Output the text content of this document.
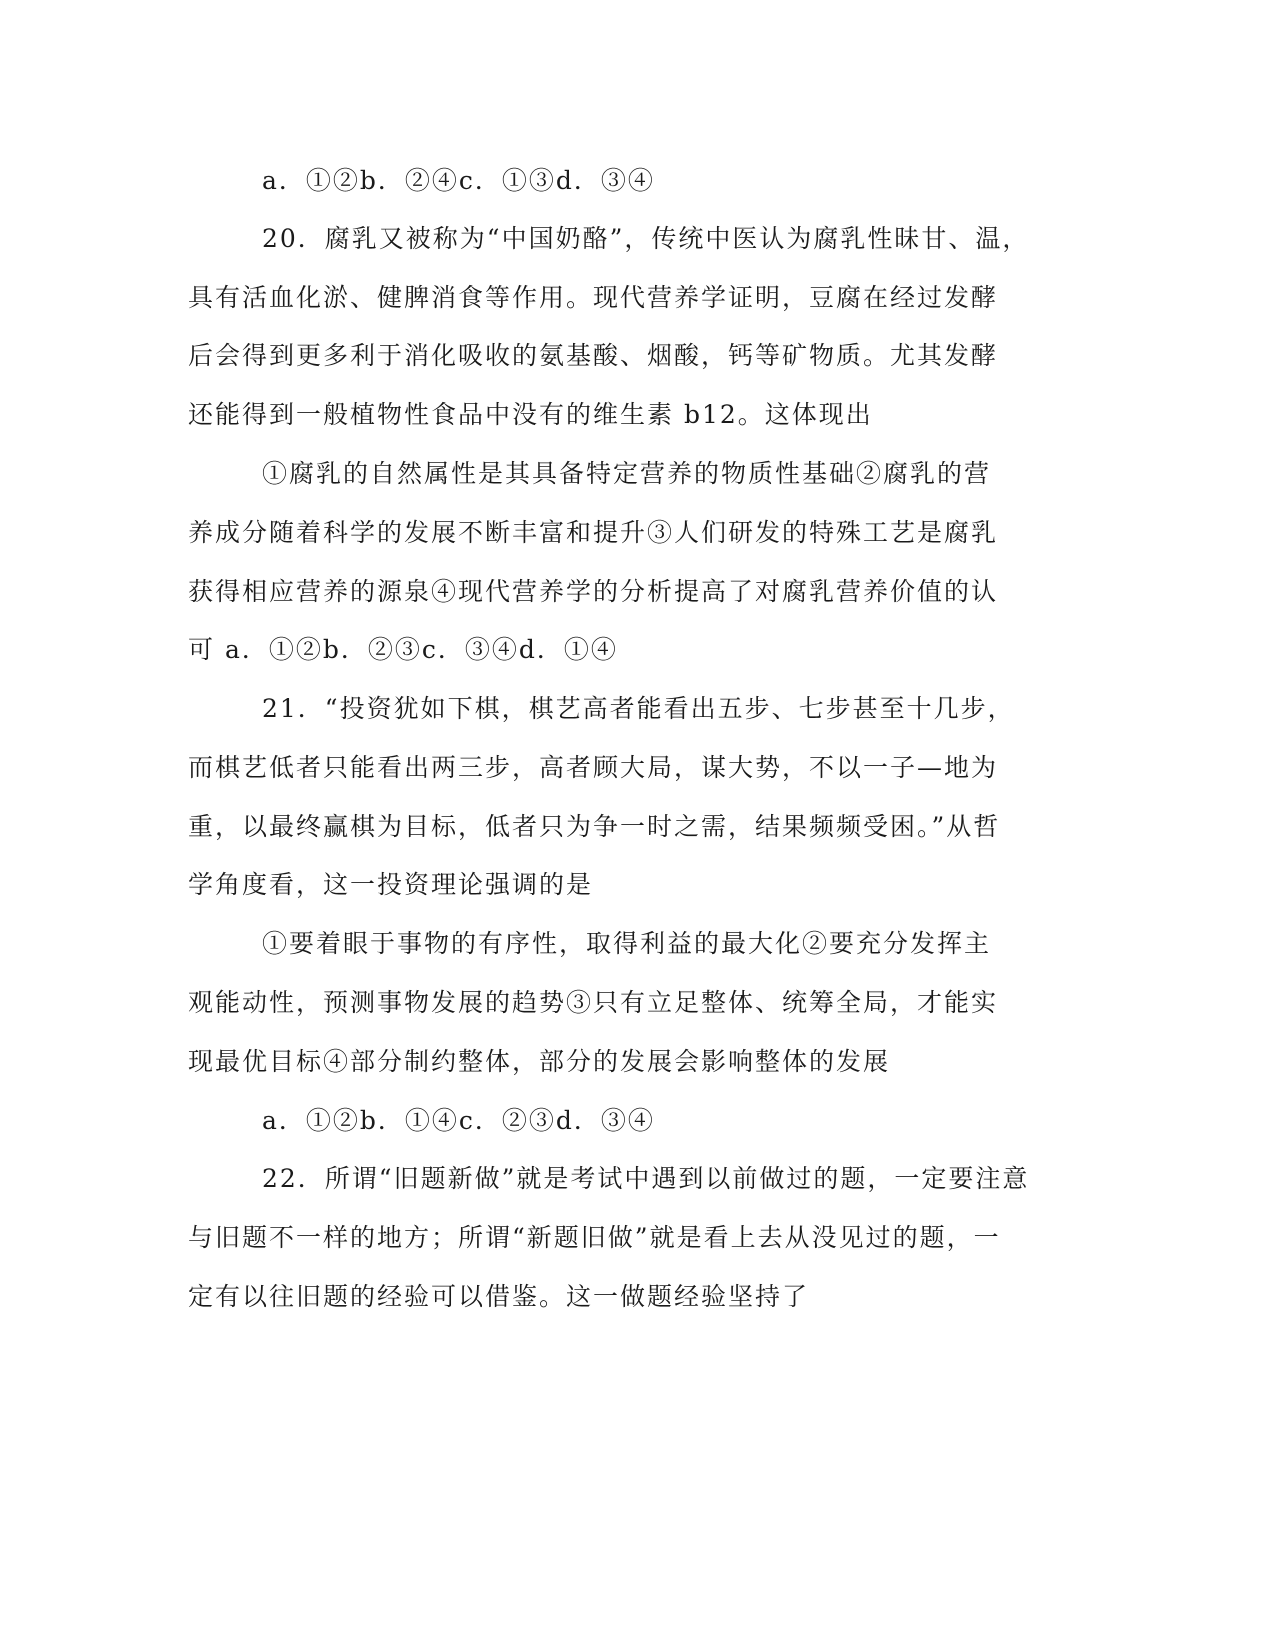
a．①②b．②④c．①③d．③④
20．腐乳又被称为“中国奶酪”，传统中医认为腐乳性昧甘、温，
具有活血化淤、健脾消食等作用。现代营养学证明，豆腐在经过发酵
后会得到更多利于消化吸收的氨基酸、烟酸，钙等矿物质。尤其发酵
还能得到一般植物性食品中没有的维生素 b12。这体现出
①腐乳的自然属性是其具备特定营养的物质性基础②腐乳的营
养成分随着科学的发展不断丰富和提升③人们研发的特殊工艺是腐乳
获得相应营养的源泉④现代营养学的分析提高了对腐乳营养价值的认
可 a．①②b．②③c．③④d．①④
21．“投资犹如下棋，棋艺高者能看出五步、七步甚至十几步，
而棋艺低者只能看出两三步，高者顾大局，谋大势，不以一子—地为
重，以最终赢棋为目标，低者只为争一时之需，结果频频受困。”从哲
学角度看，这一投资理论强调的是
①要着眼于事物的有序性，取得利益的最大化②要充分发挥主
观能动性，预测事物发展的趋势③只有立足整体、统筹全局，才能实
现最优目标④部分制约整体，部分的发展会影响整体的发展
a．①②b．①④c．②③d．③④
22．所谓“旧题新做”就是考试中遇到以前做过的题，一定要注意
与旧题不一样的地方；所谓“新题旧做”就是看上去从没见过的题，一
定有以往旧题的经验可以借鉴。这一做题经验坚持了
